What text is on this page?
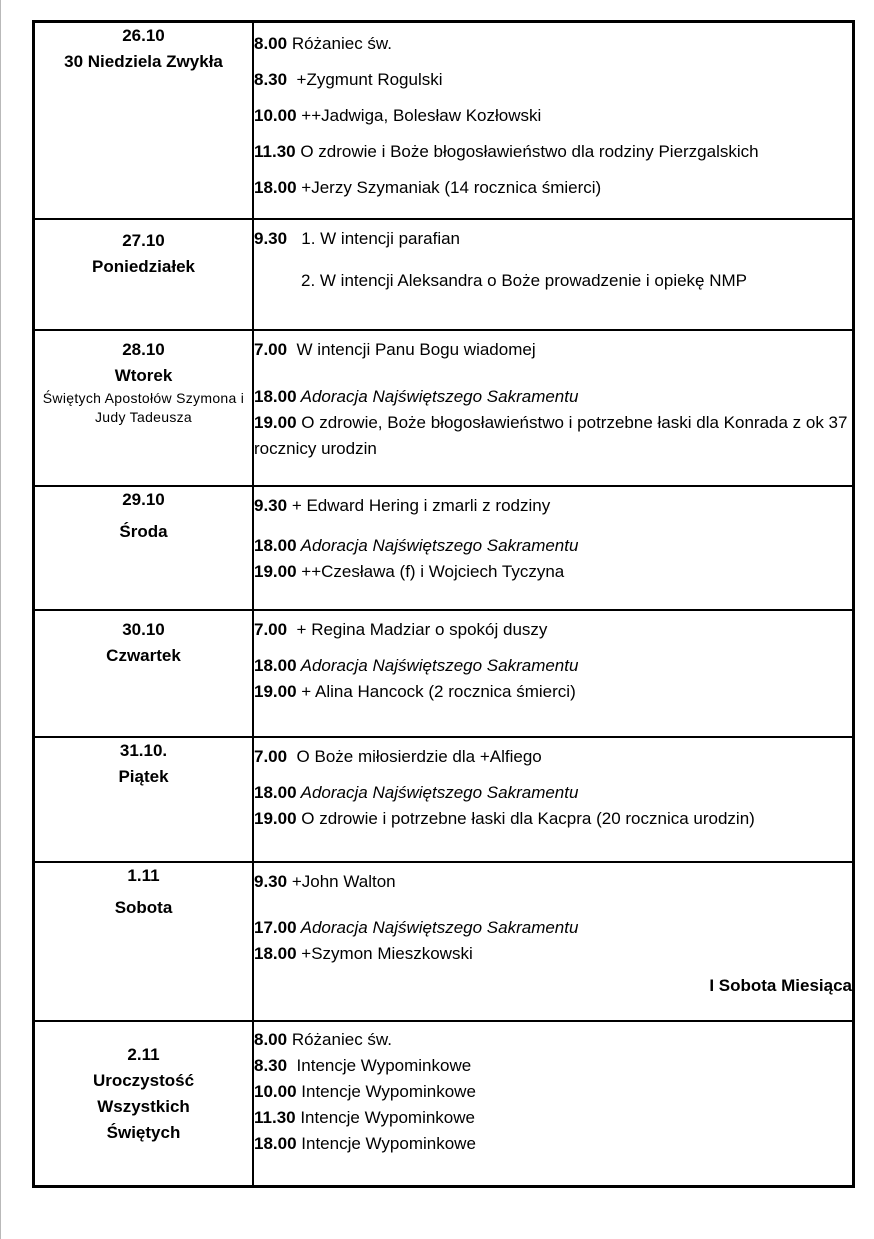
26.10
30 Niedziela Zwykła	8.00 Różaniec św.
8.30  +Zygmunt Rogulski
10.00 ++Jadwiga, Bolesław Kozłowski
11.30 O zdrowie i Boże błogosławieństwo dla rodziny Pierzgalskich
18.00 +Jerzy Szymaniak (14 rocznica śmierci)

27.10
Poniedziałek	9.30   1. W intencji parafian
2. W intencji Aleksandra o Boże prowadzenie i opiekę NMP

28.10
Wtorek
Świętych Apostołów Szymona i Judy Tadeusza	7.00  W intencji Panu Bogu wiadomej
18.00 Adoracja Najświętszego Sakramentu
19.00 O zdrowie, Boże błogosławieństwo i potrzebne łaski dla Konrada z ok 37 rocznicy urodzin

29.10
Środa	9.30 + Edward Hering i zmarli z rodziny
18.00 Adoracja Najświętszego Sakramentu
19.00 ++Czesława (f) i Wojciech Tyczyna

30.10
Czwartek	7.00  + Regina Madziar o spokój duszy
18.00 Adoracja Najświętszego Sakramentu
19.00 + Alina Hancock (2 rocznica śmierci)

31.10.
Piątek	7.00  O Boże miłosierdzie dla +Alfiego
18.00 Adoracja Najświętszego Sakramentu
19.00 O zdrowie i potrzebne łaski dla Kacpra (20 rocznica urodzin)

1.11
Sobota	9.30 +John Walton
17.00 Adoracja Najświętszego Sakramentu
18.00 +Szymon Mieszkowski
I Sobota Miesiąca

2.11
Uroczystość Wszystkich Świętych	8.00 Różaniec św.
8.30  Intencje Wypominkowe
10.00 Intencje Wypominkowe
11.30 Intencje Wypominkowe
18.00 Intencje Wypominkowe
